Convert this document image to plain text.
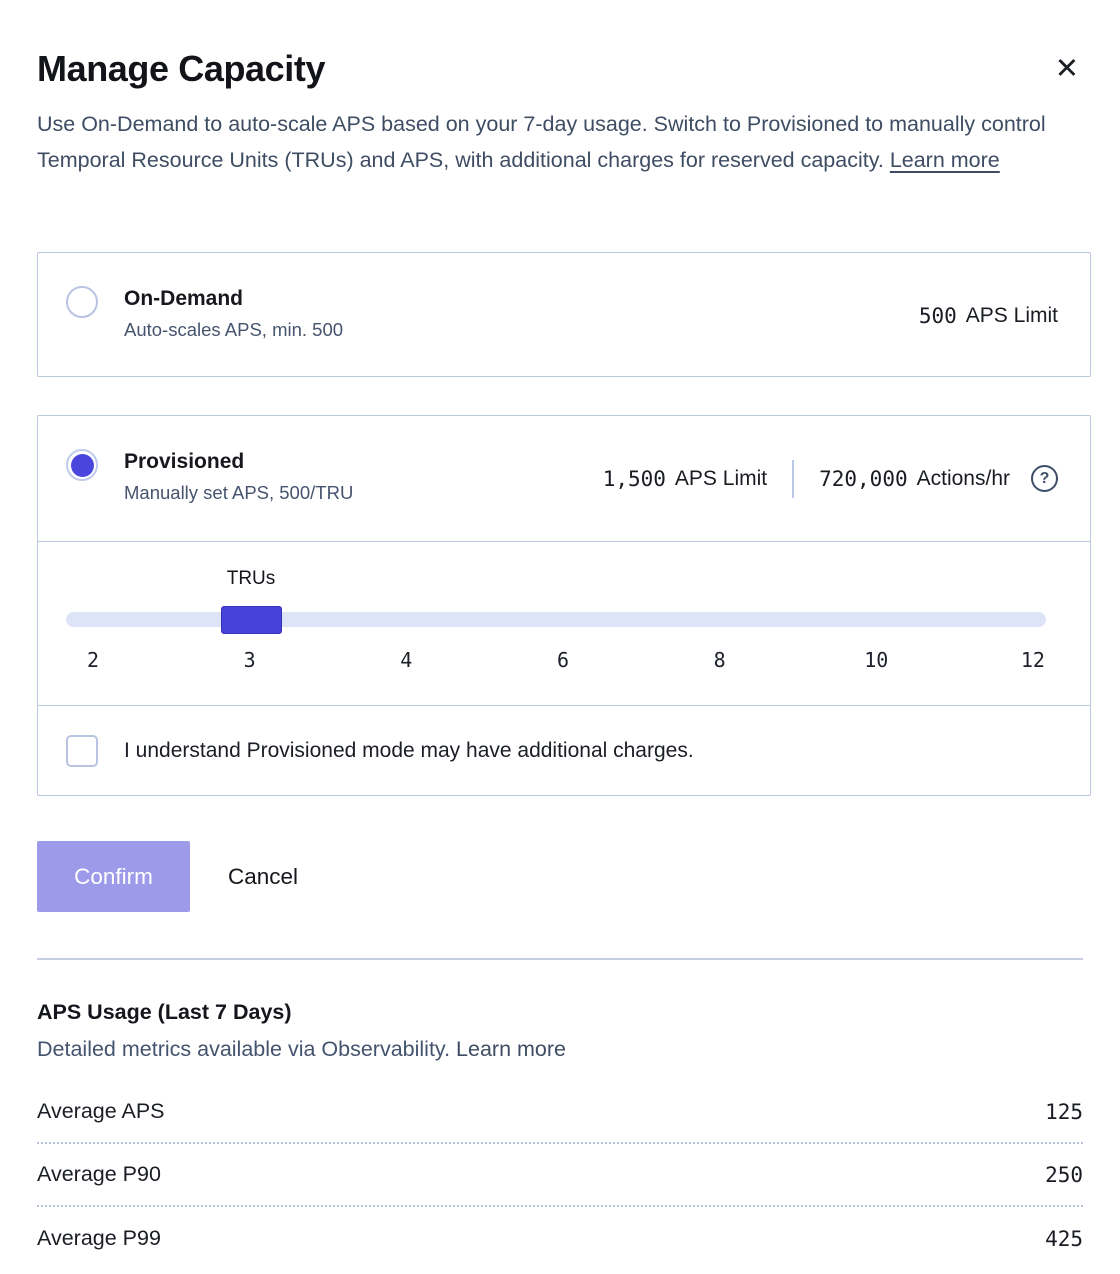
Manage Capacity	✕

Use On-Demand to auto-scale APS based on your 7-day usage. Switch to Provisioned to manually control Temporal Resource Units (TRUs) and APS, with additional charges for reserved capacity. Learn more

On-Demand
Auto-scales APS, min. 500
500 APS Limit
Provisioned
Manually set APS, 500/TRU
1,500 APS Limit 720,000 Actions/hr	?
TRUs
2	3	4	6	8	10	12
I understand Provisioned mode may have additional charges.
Confirm	Cancel
APS Usage (Last 7 Days)
Detailed metrics available via Observability. Learn more
Average APS	125
Average P90	250
Average P99	425
